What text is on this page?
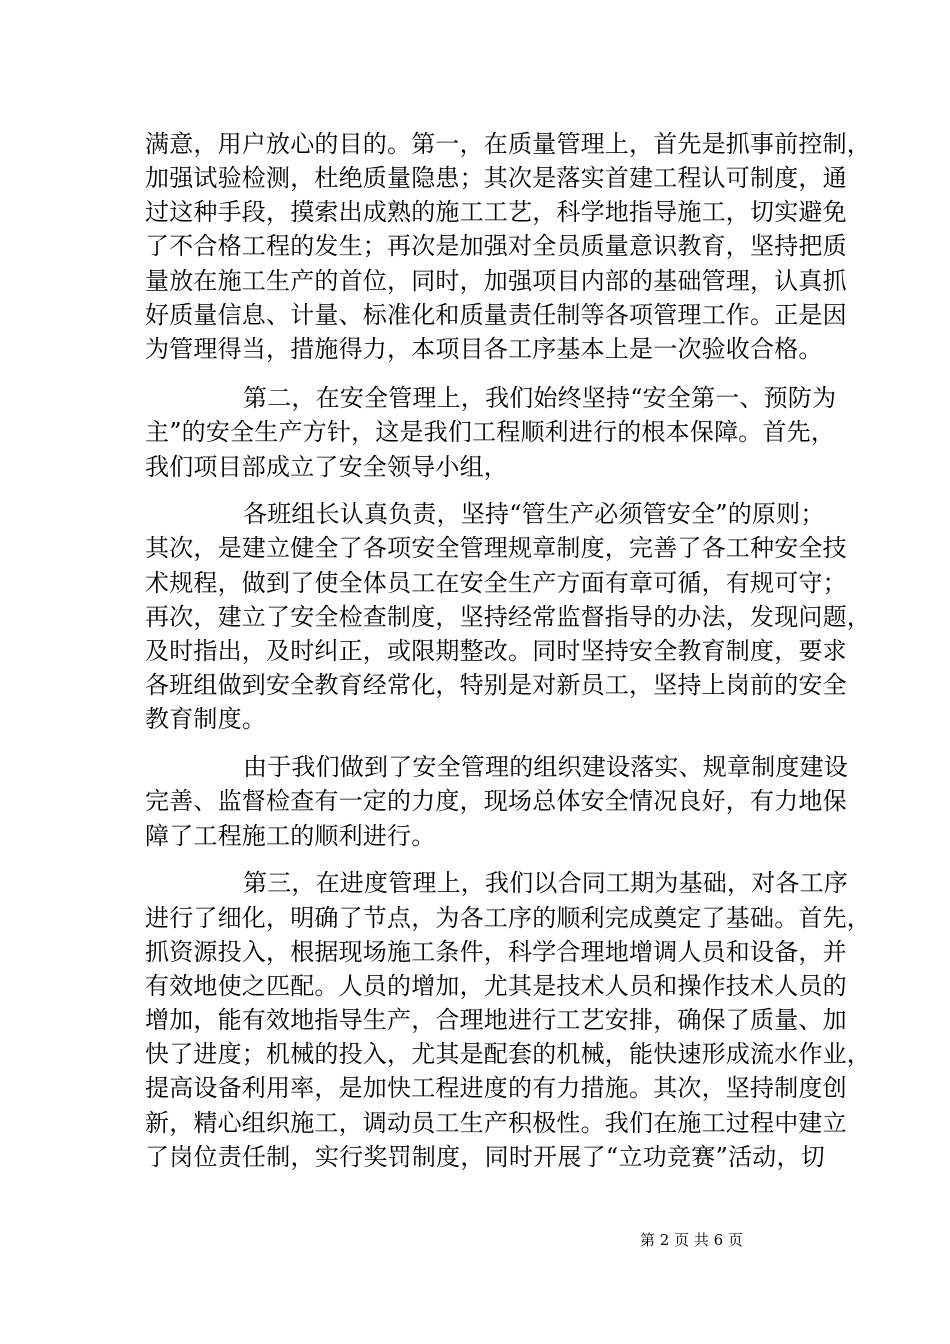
满意，用户放心的目的。第一，在质量管理上，首先是抓事前控制，
加强试验检测，杜绝质量隐患；其次是落实首建工程认可制度，通
过这种手段，摸索出成熟的施工工艺，科学地指导施工，切实避免
了不合格工程的发生；再次是加强对全员质量意识教育，坚持把质
量放在施工生产的首位，同时，加强项目内部的基础管理，认真抓
好质量信息、计量、标准化和质量责任制等各项管理工作。正是因
为管理得当，措施得力，本项目各工序基本上是一次验收合格。
第二，在安全管理上，我们始终坚持“安全第一、预防为
主”的安全生产方针，这是我们工程顺利进行的根本保障。首先，
我们项目部成立了安全领导小组，
各班组长认真负责，坚持“管生产必须管安全”的原则；
其次，是建立健全了各项安全管理规章制度，完善了各工种安全技
术规程，做到了使全体员工在安全生产方面有章可循，有规可守；
再次，建立了安全检查制度，坚持经常监督指导的办法，发现问题，
及时指出，及时纠正，或限期整改。同时坚持安全教育制度，要求
各班组做到安全教育经常化，特别是对新员工，坚持上岗前的安全
教育制度。
由于我们做到了安全管理的组织建设落实、规章制度建设
完善、监督检查有一定的力度，现场总体安全情况良好，有力地保
障了工程施工的顺利进行。
第三，在进度管理上，我们以合同工期为基础，对各工序
进行了细化，明确了节点，为各工序的顺利完成奠定了基础。首先，
抓资源投入，根据现场施工条件，科学合理地增调人员和设备，并
有效地使之匹配。人员的增加，尤其是技术人员和操作技术人员的
增加，能有效地指导生产，合理地进行工艺安排，确保了质量、加
快了进度；机械的投入，尤其是配套的机械，能快速形成流水作业，
提高设备利用率，是加快工程进度的有力措施。其次，坚持制度创
新，精心组织施工，调动员工生产积极性。我们在施工过程中建立
了岗位责任制，实行奖罚制度，同时开展了“立功竞赛”活动，切
第 2 页 共 6 页
